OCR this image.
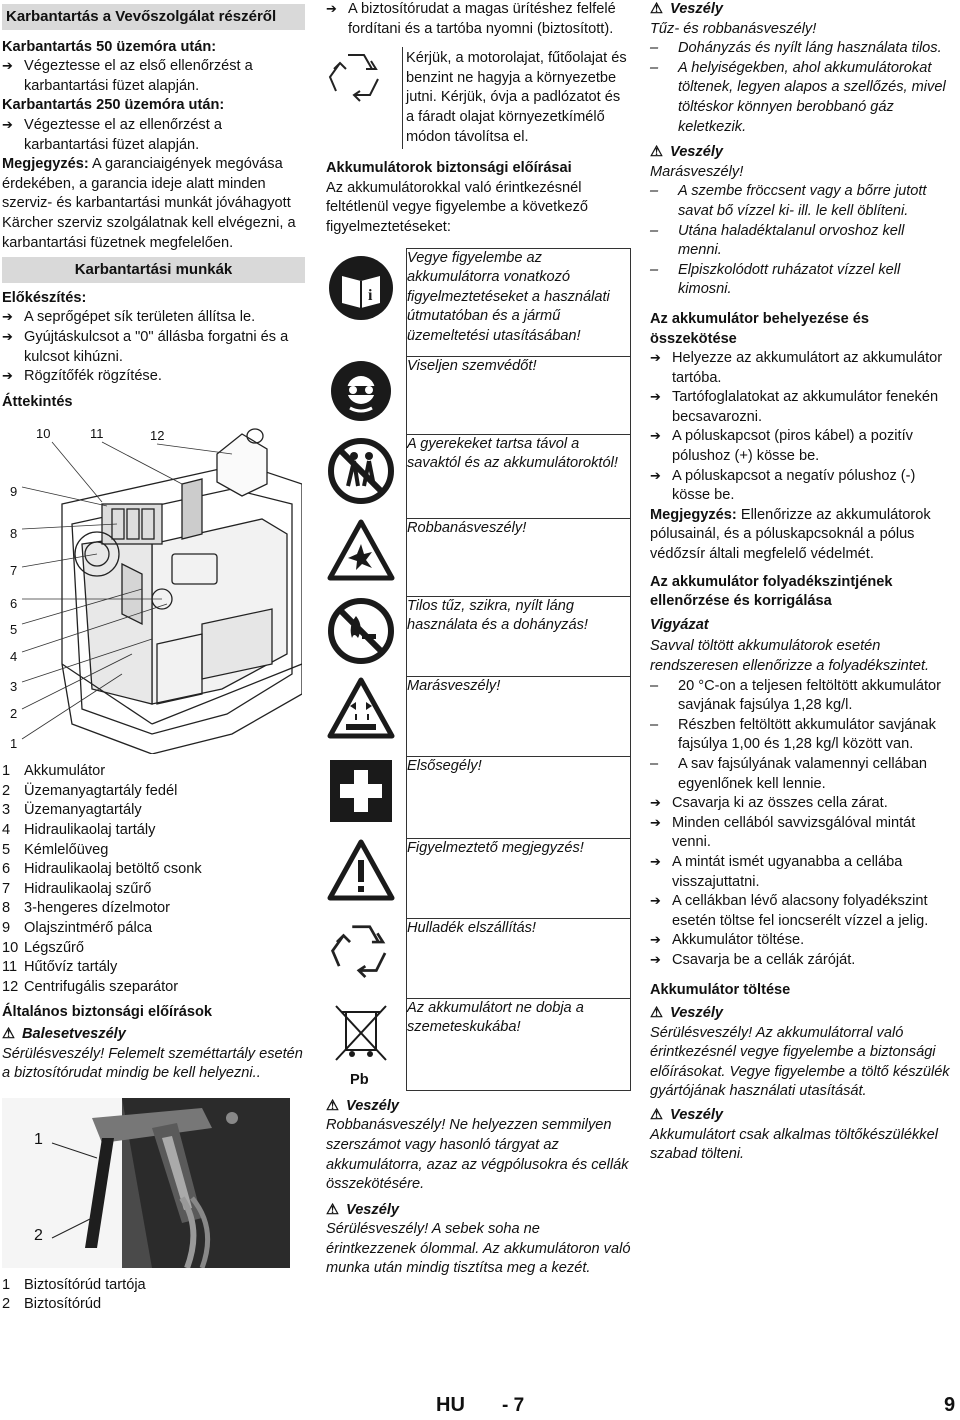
Karbantartás a Vevőszolgálat részéről

Karbantartás 50 üzemóra után:

➔ Végeztesse el az első ellenőrzést a karbantartási füzet alapján.

Karbantartás 250 üzemóra után:

➔ Végeztesse el az ellenőrzést a karbantartási füzet alapján.

Megjegyzés: A garanciaigények megóvása érdekében, a garancia ideje alatt minden szerviz- és karbantartási munkát jóváhagyott Kärcher szerviz szolgálatnak kell elvégezni, a karbantartási füzetnek megfelelően.

Karbantartási munkák

Előkészítés:

➔ A seprőgépet sík területen állítsa le.

➔ Gyújtáskulcsot a "0" állásba forgatni és a kulcsot kihúzni.

➔ Rögzítőfék rögzítése.

Áttekintés

1
2
3
4
5
6
7
8
9
10	11	12
1 Akkumulátor
2 Üzemanyagtartály fedél
3 Üzemanyagtartály
4 Hidraulikaolaj tartály
5 Kémlelőüveg
6 Hidraulikaolaj betöltő csonk
7 Hidraulikaolaj szűrő
8 3-hengeres dízelmotor
9 Olajszintmérő pálca
10 Légszűrő
11 Hűtővíz tartály
12 Centrifugális szeparátor

Általános biztonsági előírások

⚠ Balesetveszély

Sérülésveszély! Felemelt szeméttartály esetén a biztosítórudat mindig be kell helyezni..

1
2
1 Biztosítórúd tartója
2 Biztosítórúd

➔ A biztosítórudat a magas ürítéshez felfelé fordítani és a tartóba nyomni (biztosított).

	Kérjük, a motorolajat, fűtőolajat és benzint ne hagyja a környezetbe jutni. Kérjük, óvja a padlózatot és a fáradt olajat környezetkímélő módon távolítsa el.

Akkumulátorok biztonsági előírásai

Az akkumulátorokkal való érintkezésnél feltétlenül vegye figyelembe a következő figyelmeztetéseket:

i	Vegye figyelembe az akkumulátorra vonatkozó figyelmeztetéseket a használati útmutatóban és a jármű üzemeltetési utasításában!
	Viseljen szemvédőt!
	A gyerekeket tartsa távol a savaktól és az akkumulátoroktól!
	Robbanásveszély!
	Tilos tűz, szikra, nyílt láng használata és a dohányzás!
	Marásveszély!
	Elsősegély!
	Figyelmeztető megjegyzés!
	Hulladék elszállítás!

Pb	Az akkumulátort ne dobja a szemeteskukába!

⚠ Veszély

Robbanásveszély! Ne helyezzen semmilyen szerszámot vagy hasonló tárgyat az akkumulátorra, azaz az végpólusokra és cellák összekötésére.

⚠ Veszély

Sérülésveszély! A sebek soha ne érintkezzenek ólommal. Az akkumulátoron való munka után mindig tisztítsa meg a kezét.

⚠ Veszély

Tűz- és robbanásveszély!

– Dohányzás és nyílt láng használata tilos.

– A helyiségekben, ahol akkumulátorokat töltenek, legyen alapos a szellőzés, mivel töltéskor könnyen berobbanó gáz keletkezik.

⚠ Veszély

Marásveszély!

– A szembe fröccsent vagy a bőrre jutott savat bő vízzel ki- ill. le kell öblíteni.

– Utána haladéktalanul orvoshoz kell menni.

– Elpiszkolódott ruházatot vízzel kell kimosni.

Az akkumulátor behelyezése és összekötése

➔ Helyezze az akkumulátort az akkumulátor tartóba.

➔ Tartófoglalatokat az akkumulátor fenekén becsavarozni.

➔ A póluskapcsot (piros kábel) a pozitív pólushoz (+) kösse be.

➔ A póluskapcsot a negatív pólushoz (-) kösse be.

Megjegyzés: Ellenőrizze az akkumulátorok pólusainál, és a póluskapcsoknál a pólus védőzsír általi megfelelő védelmét.

Az akkumulátor folyadékszintjének ellenőrzése és korrigálása

Vigyázat

Savval töltött akkumulátorok esetén rendszeresen ellenőrizze a folyadékszintet.

– 20 °C-on a teljesen feltöltött akkumulátor savjának fajsúlya 1,28 kg/l.

– Részben feltöltött akkumulátor savjának fajsúlya 1,00 és 1,28 kg/l között van.

– A sav fajsúlyának valamennyi cellában egyenlőnek kell lennie.

➔ Csavarja ki az összes cella zárat.

➔ Minden cellából savvizsgálóval mintát venni.

➔ A mintát ismét ugyanabba a cellába visszajuttatni.

➔ A cellákban lévő alacsony folyadékszint esetén töltse fel ioncserélt vízzel a jelig.

➔ Akkumulátor töltése.

➔ Csavarja be a cellák záróját.

Akkumulátor töltése

⚠ Veszély

Sérülésveszély! Az akkumulátorral való érintkezésnél vegye figyelembe a biztonsági előírásokat. Vegye figyelembe a töltő készülék gyártójának használati utasítását.

⚠ Veszély

Akkumulátort csak alkalmas töltőkészülékkel szabad tölteni.

HU - 7	9
